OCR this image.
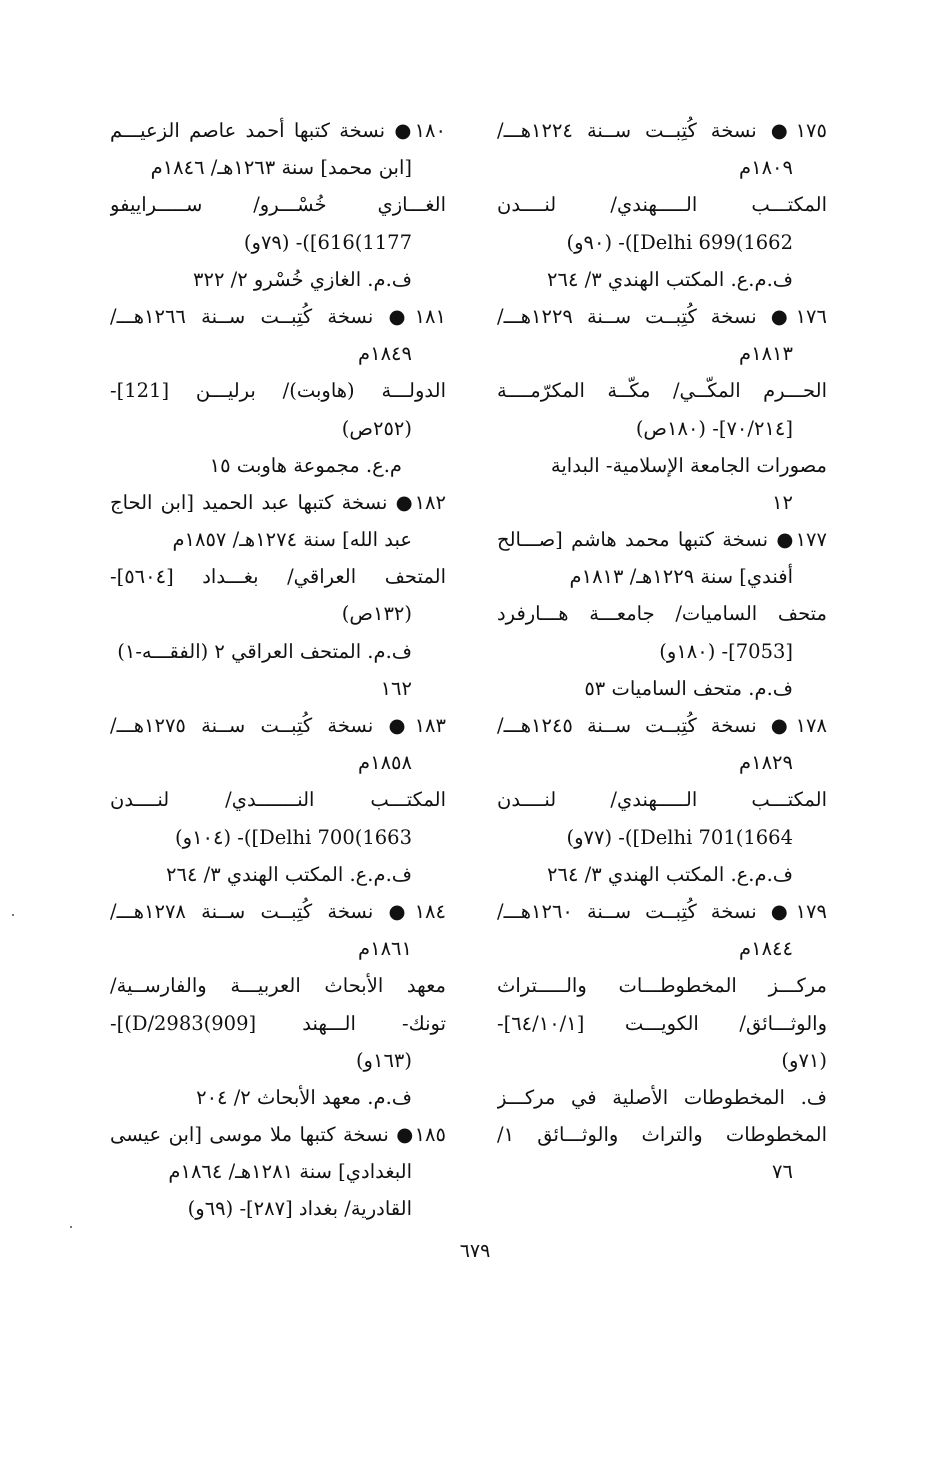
١٧٥● نسخة كُتِبــت ســنة ١٢٢٤هـــ/
١٨٠٩م
المكتـــب الـــــهندي/ لنــــدن
1662)Delhi 699])- (٩٠و)
ف.م.ع. المكتب الهندي ٣/ ٢٦٤
١٧٦● نسخة كُتِبــت ســنة ١٢٢٩هـــ/
١٨١٣م
الحـــرم المكّــي/ مكّــة المكرّمــــة
[٧٠/٢١٤]- (١٨٠ص)
مصورات الجامعة الإسلامية- البداية
١٢
١٧٧● نسخة كتبها محمد هاشم [صـــالح
أفندي] سنة ١٢٢٩هـ/ ١٨١٣م
متحف الساميات/ جامعـــة هـــارفرد
[7053]- (١٨٠و)
ف.م. متحف الساميات ٥٣
١٧٨● نسخة كُتِبــت ســنة ١٢٤٥هـــ/
١٨٢٩م
المكتـــب الـــــهندي/ لنــــدن
1664)Delhi 701])- (٧٧و)
ف.م.ع. المكتب الهندي ٣/ ٢٦٤
١٧٩● نسخة كُتِبــت ســنة ١٢٦٠هـــ/
١٨٤٤م
مركـــز المخطوطـــات والـــــتراث
والوثـــائق/ الكويـــت [٦٤/١٠/١]-
(٧١و)
ف. المخطوطات الأصلية في مركـــز
المخطوطات والتراث والوثـــائق ١/
٧٦
١٨٠● نسخة كتبها أحمد عاصم الزعيـــم
[ابن محمد] سنة ١٢٦٣هـ/ ١٨٤٦م
الغـــازي خُسْـــرو/ ســـــراييفو
1177)616])- (٧٩و)
ف.م. الغازي خُسْرو ٢/ ٣٢٢
١٨١● نسخة كُتِبــت ســنة ١٢٦٦هـــ/
١٨٤٩م
الدولـــة (هاوبت)/ برليـــن [121]-
(٢٥٢ص)
م.ع. مجموعة هاوبت ١٥
١٨٢● نسخة كتبها عبد الحميد [ابن الحاج
عبد الله] سنة ١٢٧٤هـ/ ١٨٥٧م
المتحف العراقي/ بغـــداد [٥٦٠٤]-
(١٣٢ص)
ف.م. المتحف العراقي ٢ (الفقـــه-١)
١٦٢
١٨٣● نسخة كُتِبــت ســنة ١٢٧٥هـــ/
١٨٥٨م
المكتـــب النـــــــدي/ لنــــدن
1663)Delhi 700])- (١٠٤و)
ف.م.ع. المكتب الهندي ٣/ ٢٦٤
١٨٤● نسخة كُتِبــت ســنة ١٢٧٨هـــ/
١٨٦١م
معهد الأبحاث العربيـــة والفارســية/
تونك- الـــهند [909)D/2983)]-
(١٦٣و)
ف.م. معهد الأبحاث ٢/ ٢٠٤
١٨٥● نسخة كتبها ملا موسى [ابن عيسى
البغدادي] سنة ١٢٨١هـ/ ١٨٦٤م
القادرية/ بغداد [٢٨٧]- (٦٩و)
٦٧٩
